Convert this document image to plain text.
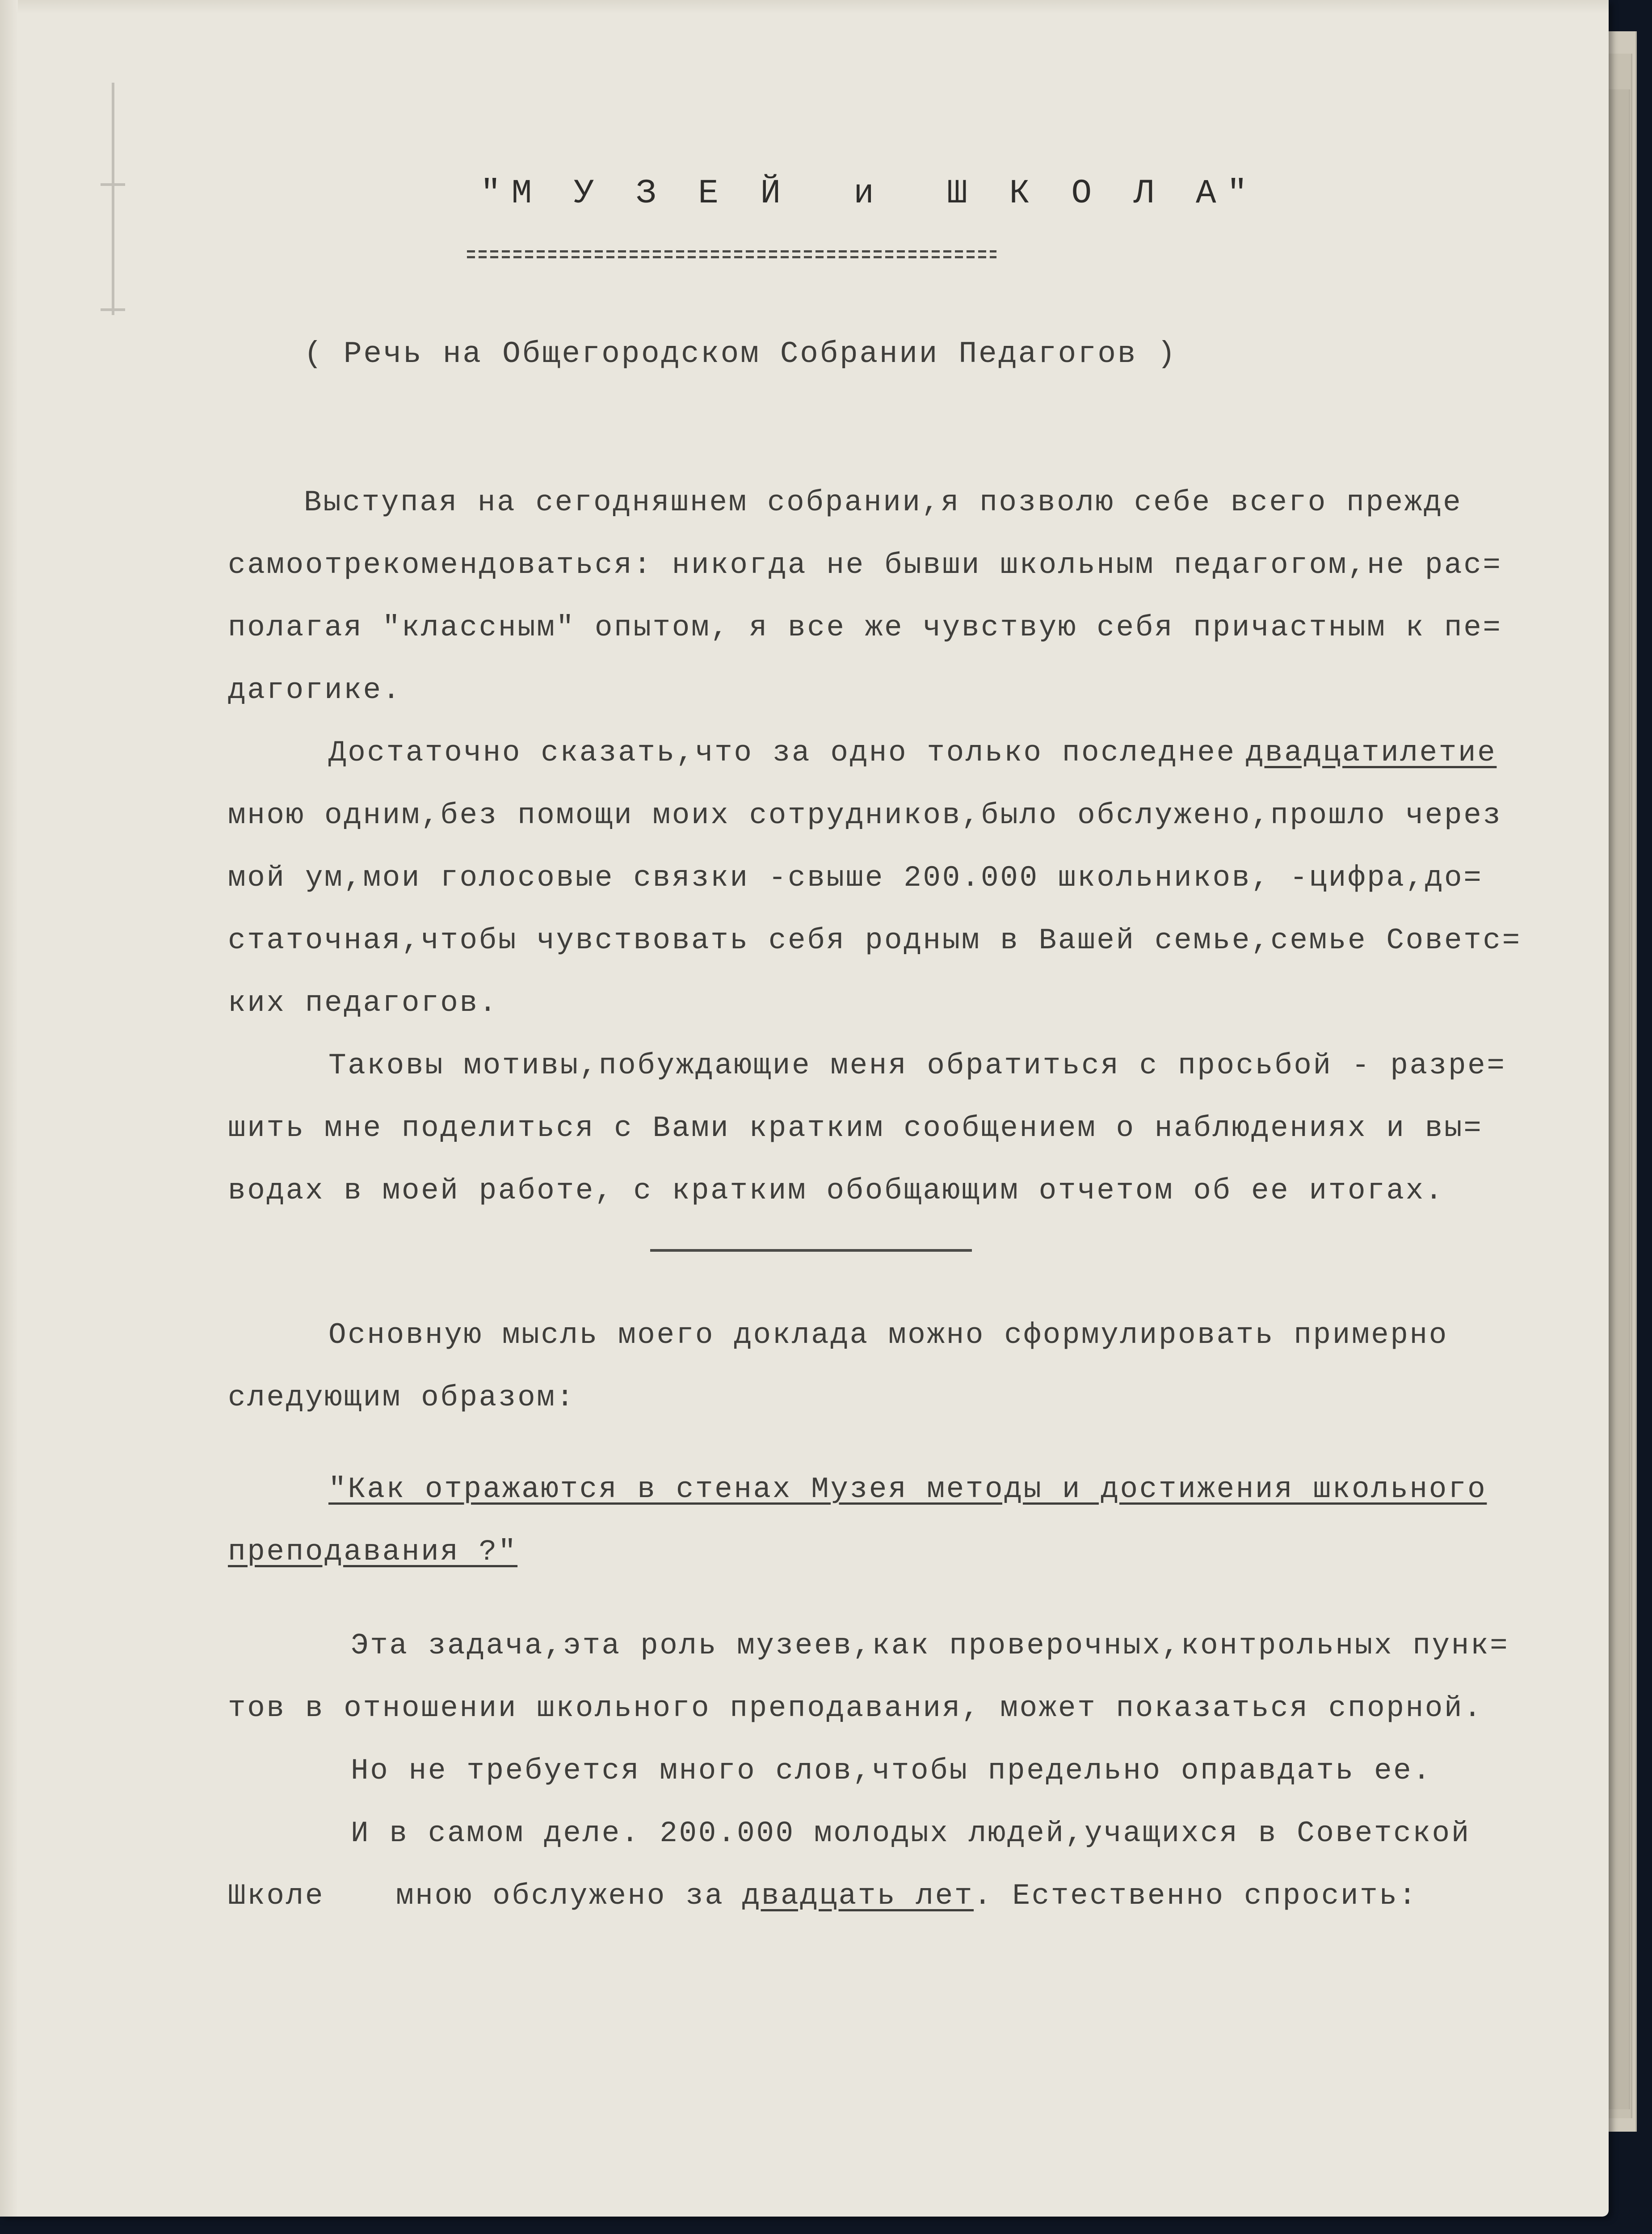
"М У З Е Й  и  Ш К О Л А"

( Речь на Общегородском Собрании Педагогов )

Выступая на сегодняшнем собрании,я позволю себе всего прежде

самоотрекомендоваться: никогда не бывши школьным педагогом,не рас=

полагая "классным" опытом, я все же чувствую себя причастным к пе=

дагогике.

Достаточно сказать,что за одно только последнее двадцатилетие

мною одним,без помощи моих сотрудников,было обслужено,прошло через

мой ум,мои голосовые связки -свыше 200.000 школьников, -цифра,до=

статочная,чтобы чувствовать себя родным в Вашей семье,семье Советс=

ких педагогов.

Таковы мотивы,побуждающие меня обратиться с просьбой - разре=

шить мне поделиться с Вами кратким сообщением о наблюдениях и вы=

водах в моей работе, с кратким обобщающим отчетом об ее итогах.

Основную мысль моего доклада можно сформулировать примерно

следующим образом:

"Как отражаются в стенах Музея методы и достижения школьного

преподавания ?"

Эта задача,эта роль музеев,как проверочных,контрольных пунк=

тов в отношении школьного преподавания, может показаться спорной.

Но не требуется много слов,чтобы предельно оправдать ее.

И в самом деле. 200.000 молодых людей,учащихся в Советской

Школе мною обслужено за двадцать лет. Естественно спросить:
